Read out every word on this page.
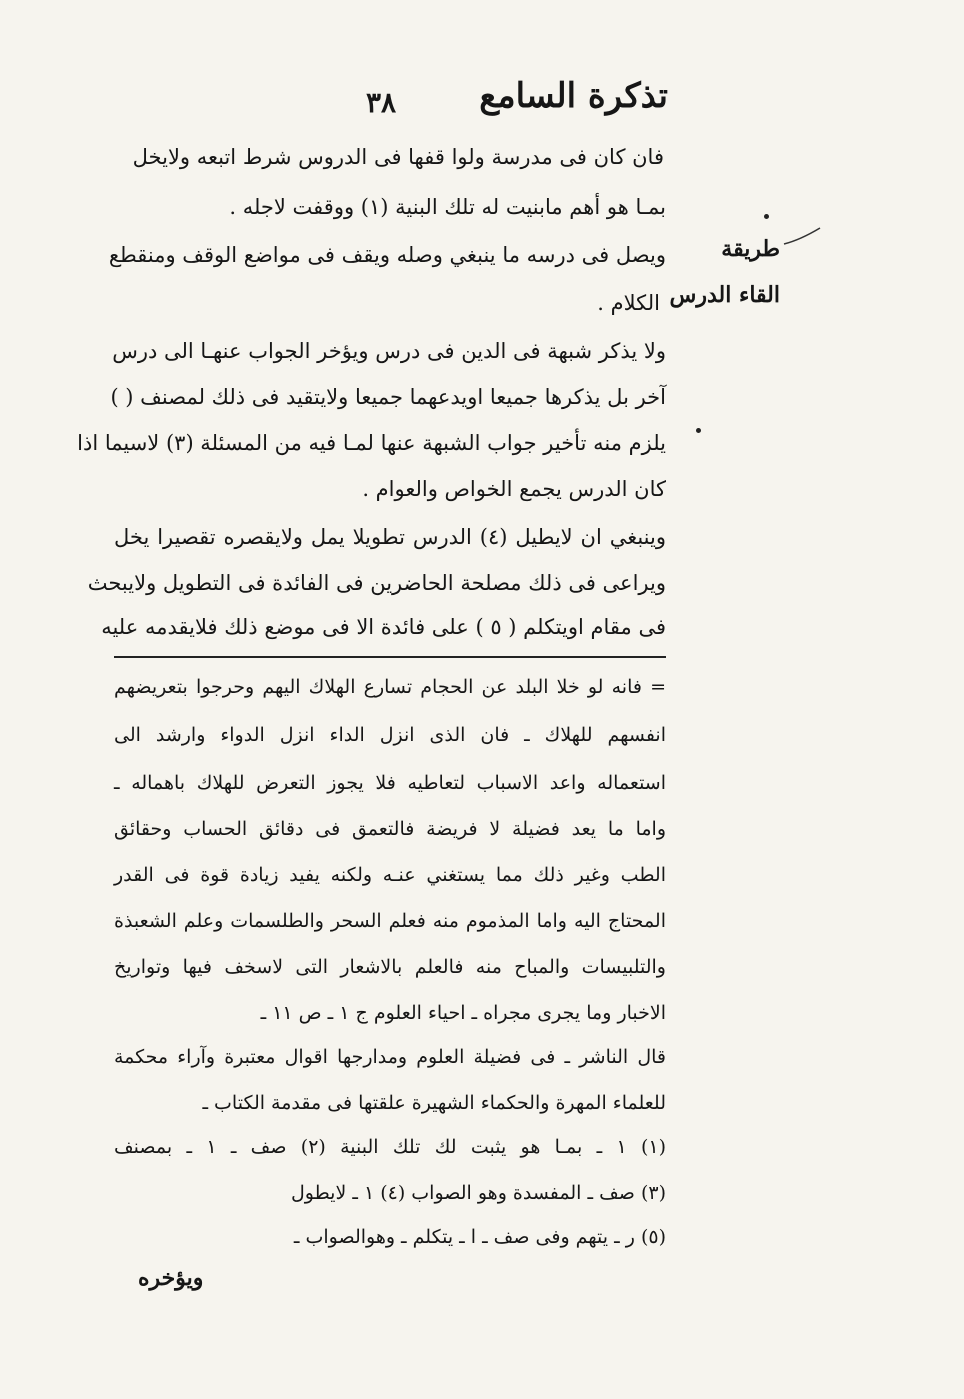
تذكرة السامع
٣٨
طريقة
القاء الدرس
فان كان فى مدرسة ولوا قفها فى الدروس شرط اتبعه ولايخل
بمـا هو أهم مابنيت له تلك البنية (١) ووقفت لاجله .
ويصل فى درسه ما ينبغي وصله ويقف فى مواضع الوقف ومنقطع
الكلام .
ولا يذكر شبهة فى الدين فى درس ويؤخر الجواب عنهـا الى درس
آخر بل يذكرها جميعا اويدعهما جميعا ولايتقيد فى ذلك لمصنف ( )
يلزم منه تأخير جواب الشبهة عنها لمـا فيه من المسئلة (٣) لاسيما اذا
كان الدرس يجمع الخواص والعوام .
وينبغي ان لايطيل (٤) الدرس تطويلا يمل ولايقصره تقصيرا يخل
ويراعى فى ذلك مصلحة الحاضرين فى الفائدة فى التطويل ولايبحث
فى مقام اويتكلم ( ٥ ) على فائدة الا فى موضع ذلك فلايقدمه عليه
= فانه لو خلا البلد عن الحجام تسارع الهلاك اليهم وحرجوا بتعريضهم
انفسهم للهلاك ـ فان الذى انزل الداء انزل الدواء وارشد الى
استعماله واعد الاسباب لتعاطيه فلا يجوز التعرض للهلاك باهماله ـ
واما ما يعد فضيلة لا فريضة فالتعمق فى دقائق الحساب وحقائق
الطب وغير ذلك مما يستغني عنـه ولكنه يفيد زيادة قوة فى القدر
المحتاج اليه واما المذموم منه فعلم السحر والطلسمات وعلم الشعبذة
والتلبيسات والمباح منه فالعلم بالاشعار التى لاسخف فيها وتواريخ
الاخبار وما يجرى مجراه ـ احياء العلوم ج ١ ـ ص ١١ ـ
قال الناشر ـ فى فضيلة العلوم ومدارجها اقوال معتبرة وآراء محكمة
للعلماء المهرة والحكماء الشهيرة علقتها فى مقدمة الكتاب ـ
(١) ١ ـ بمـا هو يثبت لك تلك البنية (٢) صف ـ ١ ـ بمصنف
(٣) صف ـ المفسدة وهو الصواب (٤) ١ ـ لايطول
(٥) ر ـ يتهم وفى صف ـ ا ـ يتكلم ـ وهوالصواب ـ
ويؤخره
